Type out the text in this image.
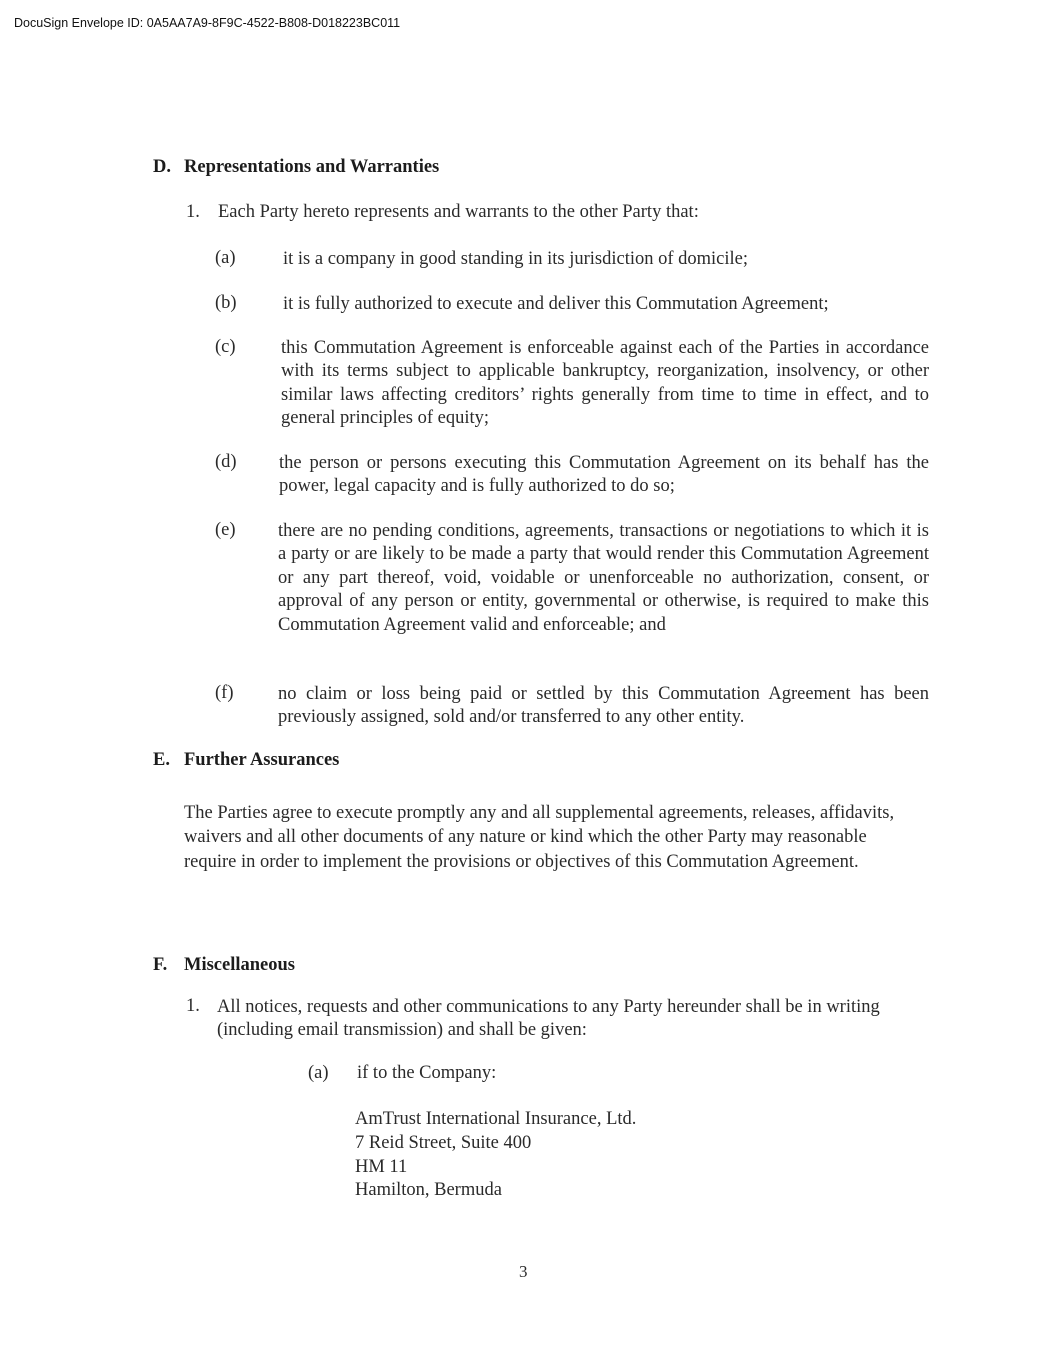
DocuSign Envelope ID: 0A5AA7A9-8F9C-4522-B808-D018223BC011
D. Representations and Warranties
1. Each Party hereto represents and warrants to the other Party that:
(a)	it is a company in good standing in its jurisdiction of domicile;
(b)	it is fully authorized to execute and deliver this Commutation Agreement;
(c) this Commutation Agreement is enforceable against each of the Parties in accordance with its terms subject to applicable bankruptcy, reorganization, insolvency, or other similar laws affecting creditors’ rights generally from time to time in effect, and to general principles of equity;
(d) the person or persons executing this Commutation Agreement on its behalf has the power, legal capacity and is fully authorized to do so;
(e) there are no pending conditions, agreements, transactions or negotiations to which it is a party or are likely to be made a party that would render this Commutation Agreement or any part thereof, void, voidable or unenforceable no authorization, consent, or approval of any person or entity, governmental or otherwise, is required to make this Commutation Agreement valid and enforceable; and
(f) no claim or loss being paid or settled by this Commutation Agreement has been previously assigned, sold and/or transferred to any other entity.
E. Further Assurances
The Parties agree to execute promptly any and all supplemental agreements, releases, affidavits, waivers and all other documents of any nature or kind which the other Party may reasonable require in order to implement the provisions or objectives of this Commutation Agreement.
F. Miscellaneous
1. All notices, requests and other communications to any Party hereunder shall be in writing (including email transmission) and shall be given:
(a) if to the Company:
AmTrust International Insurance, Ltd.
7 Reid Street, Suite 400
HM 11
Hamilton, Bermuda
3
